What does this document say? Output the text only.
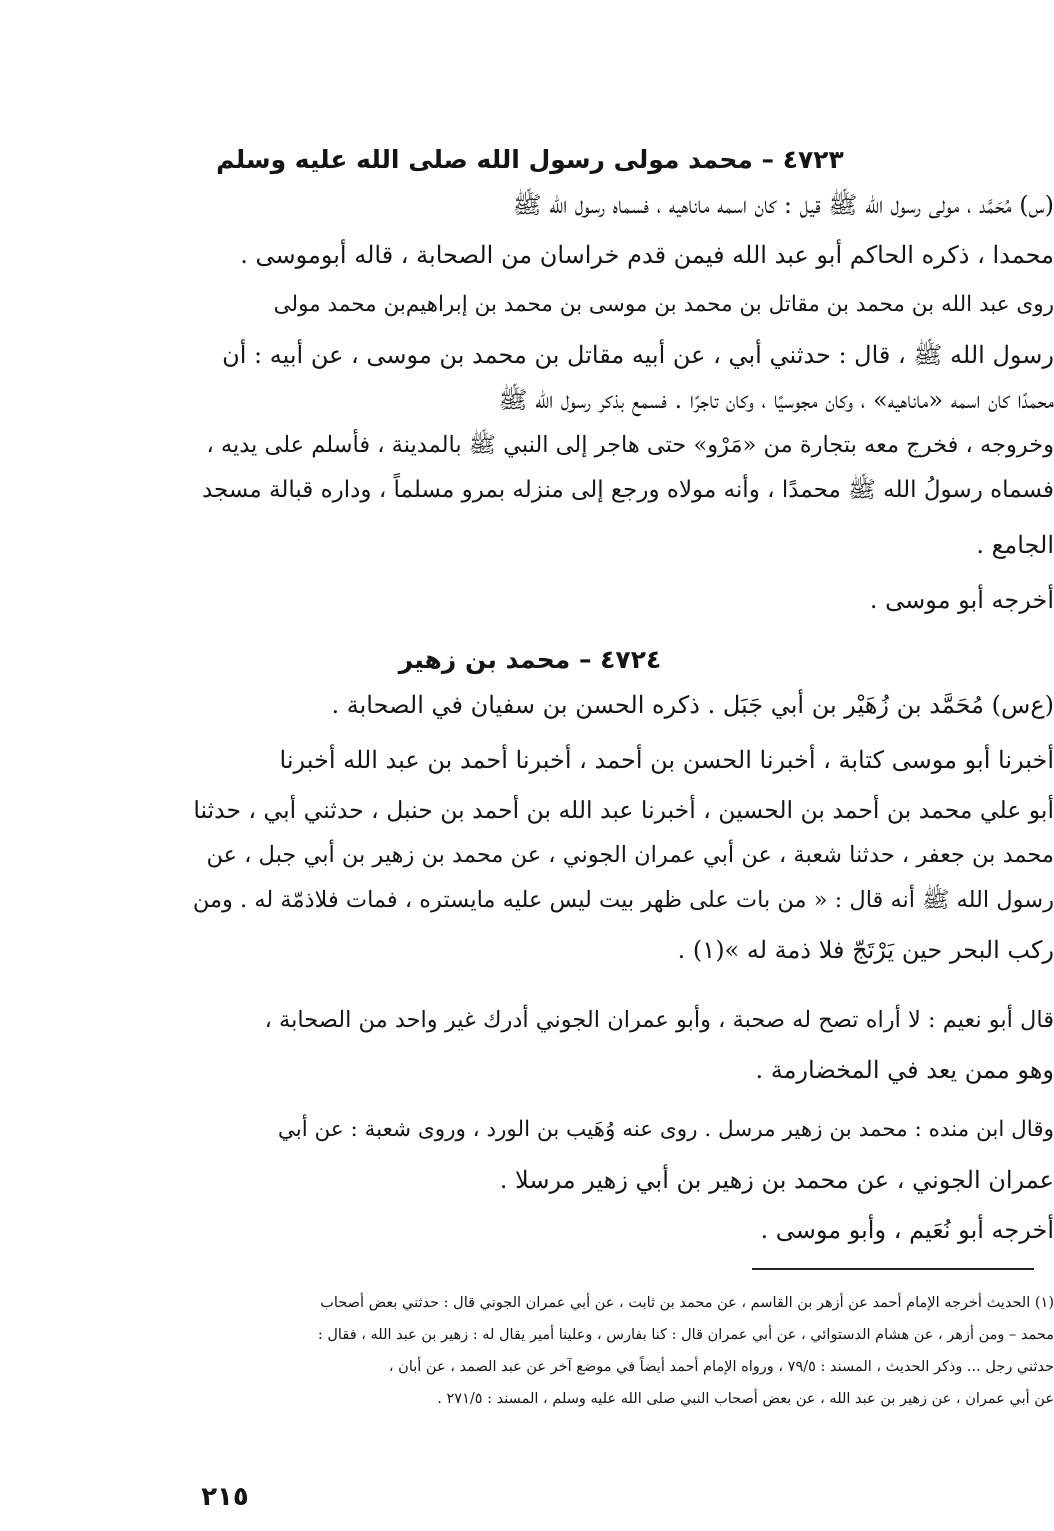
٤٧٢٣ – محمد مولى رسول الله صلى الله عليه وسلم
(س) مُحَمَّد ، مولى رسول الله ﷺ قيل : كان اسمه ماناهيه ، فسماه رسول الله ﷺ
محمدا ، ذكره الحاكم أبو عبد الله فيمن قدم خراسان من الصحابة ، قاله أبوموسى .
روى عبد الله بن محمد بن مقاتل بن محمد بن موسى بن محمد بن إبراهيم‌بن محمد مولى
رسول الله ﷺ ، قال : حدثني أبي ، عن أبيه مقاتل بن محمد بن موسى ، عن أبيه : أن
محمدًا كان اسمه «ماناهيه» ، وكان مجوسيًا ، وكان تاجرًا . فسمع بذكر رسول الله ﷺ
وخروجه ، فخرج معه بتجارة من «مَرْو» حتى هاجر إلى النبي ﷺ بالمدينة ، فأسلم على يديه ،
فسماه رسولُ الله ﷺ محمدًا ، وأنه مولاه ورجع إلى منزله بمرو مسلماً ، وداره قبالة مسجد
الجامع .
أخرجه أبو موسى .
٤٧٢٤ – محمد بن زهير
(ع‌س) مُحَمَّد بن زُهَيْر بن أبي جَبَل . ذكره الحسن بن سفيان في الصحابة .
أخبرنا أبو موسى كتابة ، أخبرنا الحسن بن أحمد ، أخبرنا أحمد بن عبد الله أخبرنا
أبو علي محمد بن أحمد بن الحسين ، أخبرنا عبد الله بن أحمد بن حنبل ، حدثني أبي ، حدثنا
محمد بن جعفر ، حدثنا شعبة ، عن أبي عمران الجوني ، عن محمد بن زهير بن أبي جبل ، عن
رسول الله ﷺ أنه قال : « من بات على ظهر بيت ليس عليه مايستره ، فمات فلاذمّة له . ومن
ركب البحر حين يَرْتَجّ فلا ذمة له »(١) .
قال أبو نعيم : لا أراه تصح له صحبة ، وأبو عمران الجوني أدرك غير واحد من الصحابة ،
وهو ممن يعد في المخضارمة .
وقال ابن منده : محمد بن زهير مرسل . روى عنه وُهَيب بن الورد ، وروى شعبة : عن أبي
عمران الجوني ، عن محمد بن زهير بن أبي زهير مرسلا .
أخرجه أبو نُعَيم ، وأبو موسى .
(١) الحديث أخرجه الإمام أحمد عن أزهر بن القاسم ، عن محمد بن ثابت ، عن أبي عمران الجوني قال : حدثني بعض أصحاب
محمد – ومن أزهر ، عن هشام الدستوائي ، عن أبي عمران قال : كنا بفارس ، وعلينا أمير يقال له : زهير بن عبد الله ، فقال :
حدثني رجل ... وذكر الحديث ، المسند : ٧٩/٥ ، ورواه الإمام أحمد أيضاً في موضع آخر عن عبد الصمد ، عن أبان ،
عن أبي عمران ، عن زهير بن عبد الله ، عن بعض أصحاب النبي صلى الله عليه وسلم ، المسند : ٢٧١/٥ .
٢١٥
